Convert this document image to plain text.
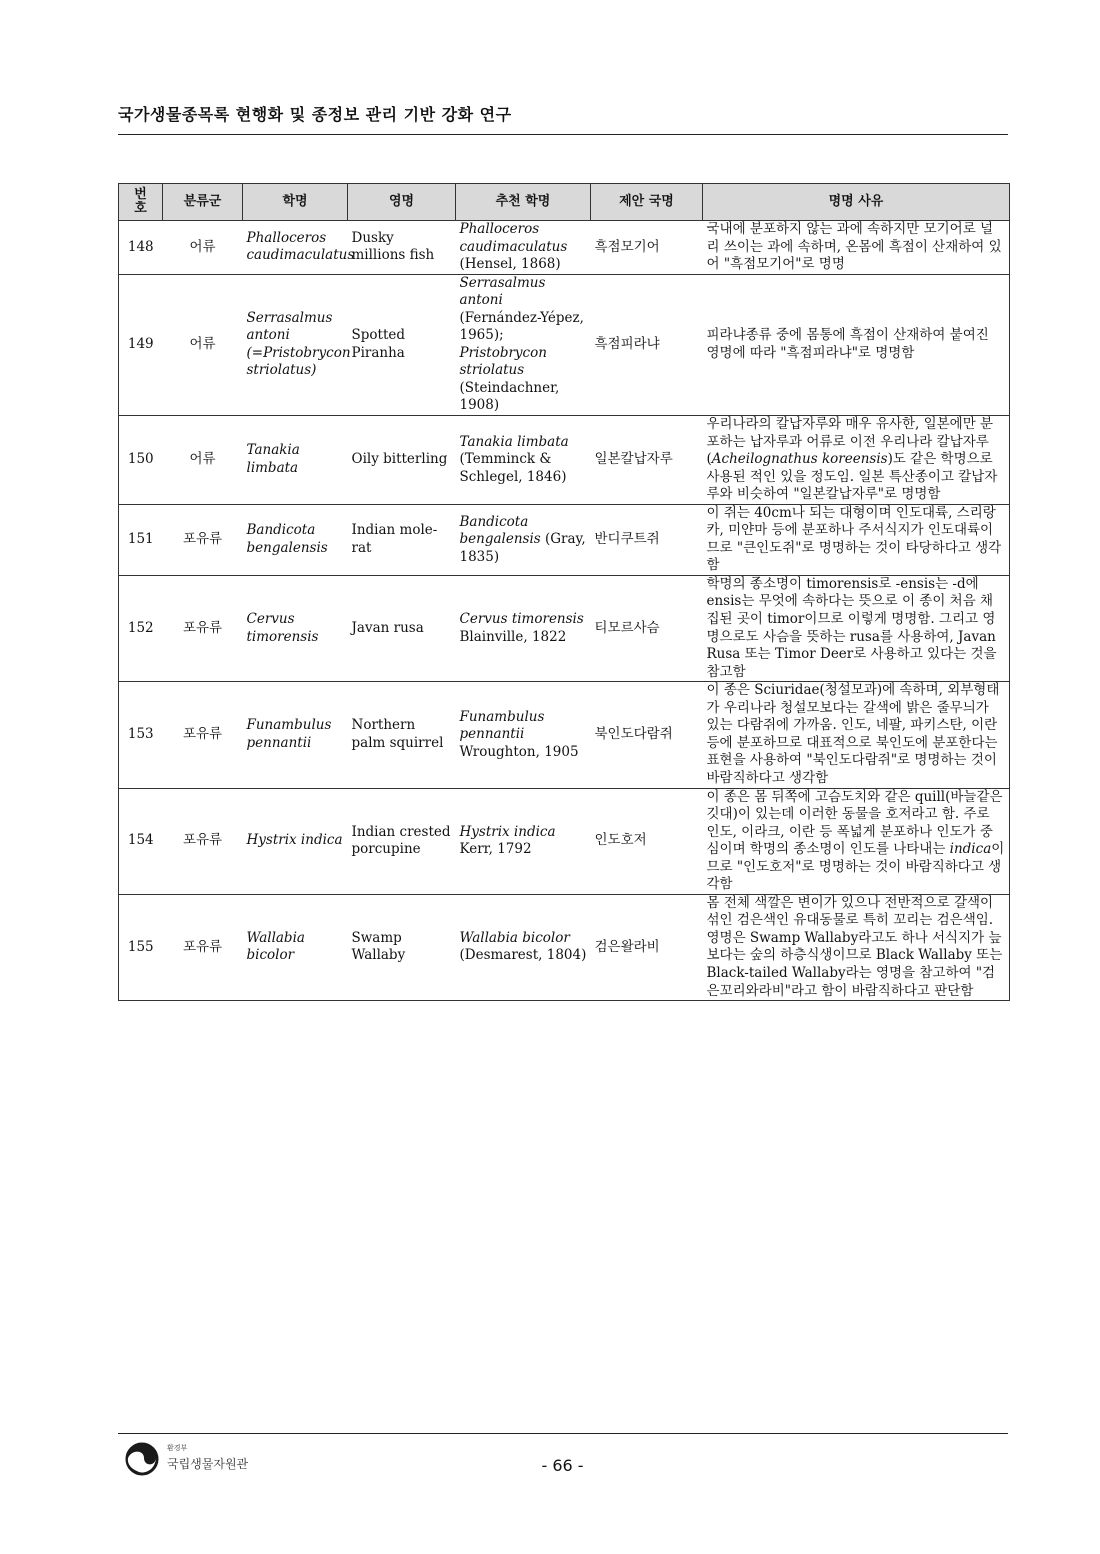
국가생물종목록 현행화 및 종정보 관리 기반 강화 연구
번호	분류군	학명	영명	추천 학명	제안 국명	명명 사유
148	어류	Phalloceros caudimaculatus	Dusky millions fish	Phalloceros caudimaculatus (Hensel, 1868)	흑점모기어	국내에 분포하지 않는 과에 속하지만 모기어로 널리 쓰이는 과에 속하며, 온몸에 흑점이 산재하여 있어 "흑점모기어"로 명명
149	어류	Serrasalmus antoni (=Pristobrycon striolatus)	Spotted Piranha	Serrasalmus antoni (Fernández-Yépez, 1965); Pristobrycon striolatus (Steindachner, 1908)	흑점피라냐	피라냐종류 중에 몸통에 흑점이 산재하여 붙여진 영명에 따라 "흑점피라냐"로 명명함
150	어류	Tanakia limbata	Oily bitterling	Tanakia limbata (Temminck & Schlegel, 1846)	일본칼납자루	우리나라의 칼납자루와 매우 유사한, 일본에만 분포하는 납자루과 어류로 이전 우리나라 칼납자루(Acheilognathus koreensis)도 같은 학명으로 사용된 적인 있을 정도임. 일본 특산종이고 칼납자루와 비슷하여 "일본칼납자루"로 명명함
151	포유류	Bandicota bengalensis	Indian mole-rat	Bandicota bengalensis (Gray, 1835)	반디쿠트쥐	이 쥐는 40cm나 되는 대형이며 인도대륙, 스리랑카, 미얀마 등에 분포하나 주서식지가 인도대륙이므로 "큰인도쥐"로 명명하는 것이 타당하다고 생각함
152	포유류	Cervus timorensis	Javan rusa	Cervus timorensis Blainville, 1822	티모르사슴	학명의 종소명이 timorensis로 -ensis는 -d에 ensis는 무엇에 속하다는 뜻으로 이 종이 처음 채집된 곳이 timor이므로 이렇게 명명함. 그리고 영명으로도 사슴을 뜻하는 rusa를 사용하여, Javan Rusa 또는 Timor Deer로 사용하고 있다는 것을 참고함
153	포유류	Funambulus pennantii	Northern palm squirrel	Funambulus pennantii Wroughton, 1905	북인도다람쥐	이 종은 Sciuridae(청설모과)에 속하며, 외부형태가 우리나라 청설모보다는 갈색에 밝은 줄무늬가 있는 다람쥐에 가까움. 인도, 네팔, 파키스탄, 이란 등에 분포하므로 대표적으로 북인도에 분포한다는 표현을 사용하여 "북인도다람쥐"로 명명하는 것이 바람직하다고 생각함
154	포유류	Hystrix indica	Indian crested porcupine	Hystrix indica Kerr, 1792	인도호저	이 종은 몸 뒤쪽에 고슴도치와 같은 quill(바늘같은 깃대)이 있는데 이러한 동물을 호저라고 함. 주로 인도, 이라크, 이란 등 폭넓게 분포하나 인도가 중심이며 학명의 종소명이 인도를 나타내는 indica이므로 "인도호저"로 명명하는 것이 바람직하다고 생각함
155	포유류	Wallabia bicolor	Swamp Wallaby	Wallabia bicolor (Desmarest, 1804)	검은왈라비	몸 전체 색깔은 변이가 있으나 전반적으로 갈색이 섞인 검은색인 유대동물로 특히 꼬리는 검은색임. 영명은 Swamp Wallaby라고도 하나 서식지가 늪보다는 숲의 하층식생이므로 Black Wallaby 또는 Black-tailed Wallaby라는 영명을 참고하여 "검은꼬리와라비"라고 함이 바람직하다고 판단함
환경부
국립생물자원관	- 66 -
